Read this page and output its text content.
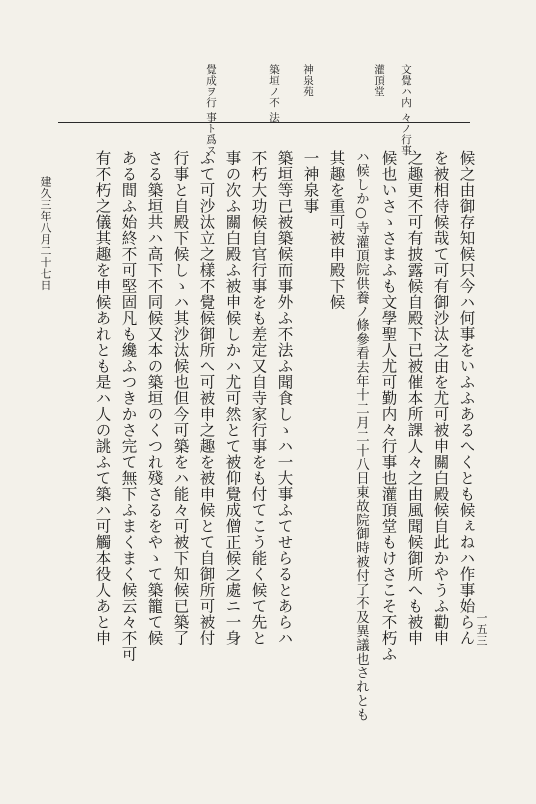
文覺ハ内 々ノ行事
灌頂堂
神泉苑
築垣ノ不 法
覺成ヲ行 事ト爲ス
候之由御存知候只今ハ何事をいふふあるへくとも候ぇねハ作事始らん
を被相待候哉て可有御沙汰之由を尤可被申關白殿候自此かやうふ勸申
之趣更不可有披露候自殿下已被催本所課人々之由風聞候御所へも被申
候也いさゝさまふも文學聖人尤可勤内々行事也灌頂堂もけさこそ不朽ふ
ハ候しか○寺灌頂院供養ノ條參看去年十二月二十八日東故院御時被付了不及異議也されとも
其趣を重可被申殿下候
一神泉事
築垣等已被築候而事外ふ不法ふ聞食しゝハ一大事ふてせらるとあらハ
不朽大功候自官行事をも差定又自寺家行事をも付てこう能く候て先と
事の次ふ關白殿ふ被申候しかハ尤可然とて被仰覺成僧正候之處ニ一身
ふて可沙汰立之樣不覺候御所へ可被申之趣を被申候とて自御所可被付
行事と自殿下候しゝハ其沙汰候也但今可築をハ能々可被下知候已築了
さる築垣共ハ高下不同候又本の築垣のくつれ殘さるをやゝて築籠て候
ある間ふ始終不可堅固凡も纔ふつきかさ完て無下ふまくまく候云々不可
有不朽之儀其趣を申候あれとも是ハ人の誂ふて築ハ可觸本役人あと申
建久三年八月二十七日
一五三
